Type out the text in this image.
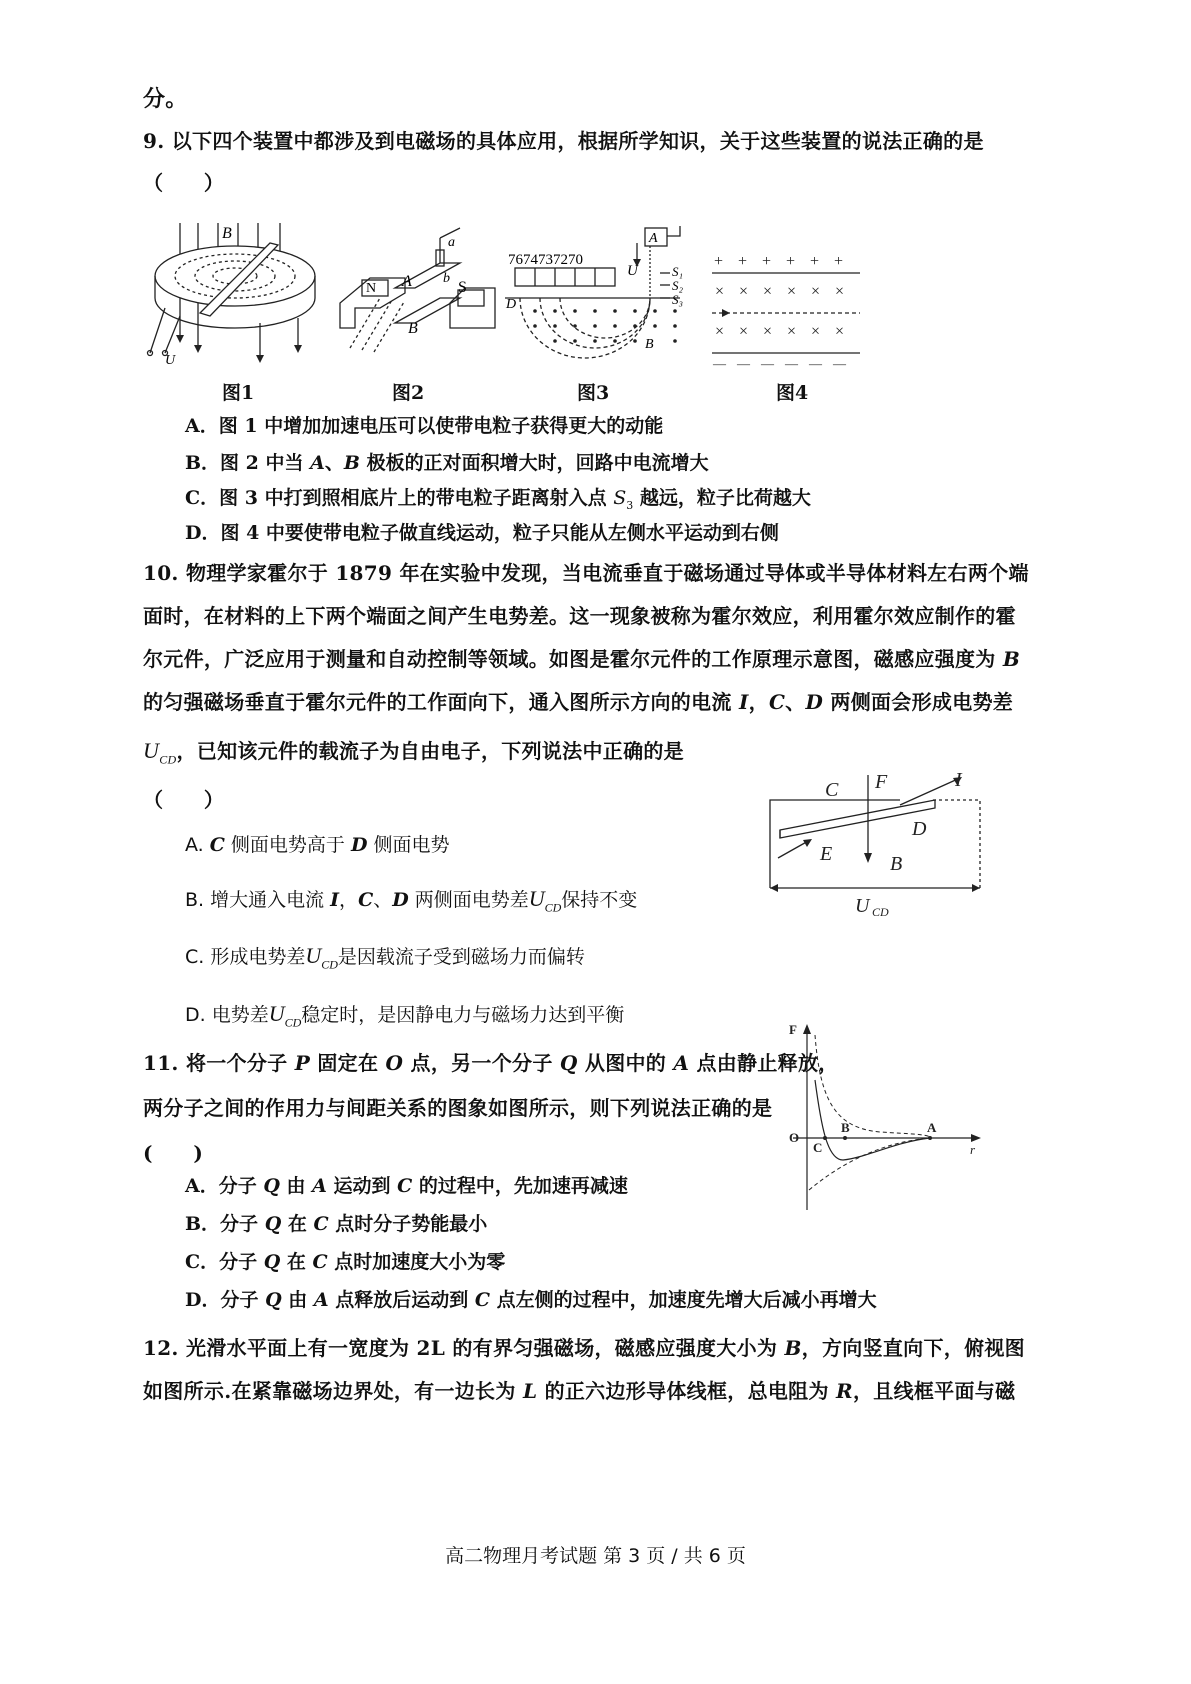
分。
9. 以下四个装置中都涉及到电磁场的具体应用，根据所学知识，关于这些装置的说法正确的是
（　　）
B
U
N	S
A
B
a
b
7674737270
A
U	S₁
S₂
S₃
D
B
+ + + + + +
× × × × × ×
× × × × × ×
— — — — — —
图1	图2	图3	图4
A．图 1 中增加加速电压可以使带电粒子获得更大的动能
B．图 2 中当 A、B 极板的正对面积增大时，回路中电流增大
C．图 3 中打到照相底片上的带电粒子距离射入点 $S_3$ 越远，粒子比荷越大
D．图 4 中要使带电粒子做直线运动，粒子只能从左侧水平运动到右侧
10. 物理学家霍尔于 1879 年在实验中发现，当电流垂直于磁场通过导体或半导体材料左右两个端
面时，在材料的上下两个端面之间产生电势差。这一现象被称为霍尔效应，利用霍尔效应制作的霍
尔元件，广泛应用于测量和自动控制等领域。如图是霍尔元件的工作原理示意图，磁感应强度为 B
的匀强磁场垂直于霍尔元件的工作面向下，通入图所示方向的电流 I，C、D 两侧面会形成电势差
$U_{CD}$，已知该元件的载流子为自由电子，下列说法中正确的是
（　　）	C F	I
D
E	B
U CD
A. C 侧面电势高于 D 侧面电势
B. 增大通入电流 I，C、D 两侧面电势差$U_{CD}$保持不变
C. 形成电势差$U_{CD}$是因载流子受到磁场力而偏转
D. 电势差$U_{CD}$稳定时，是因静电力与磁场力达到平衡
11. 将一个分子 P 固定在 O 点，另一个分子 Q 从图中的 A 点由静止释放，
两分子之间的作用力与间距关系的图象如图所示，则下列说法正确的是
(　　)
F
O
C
B	A
r
A．分子 Q 由 A 运动到 C 的过程中，先加速再减速
B．分子 Q 在 C 点时分子势能最小
C．分子 Q 在 C 点时加速度大小为零
D．分子 Q 由 A 点释放后运动到 C 点左侧的过程中，加速度先增大后减小再增大
12. 光滑水平面上有一宽度为 2L 的有界匀强磁场，磁感应强度大小为 B，方向竖直向下，俯视图
如图所示.在紧靠磁场边界处，有一边长为 L 的正六边形导体线框，总电阻为 R，且线框平面与磁
高二物理月考试题 第 3 页 / 共 6 页
